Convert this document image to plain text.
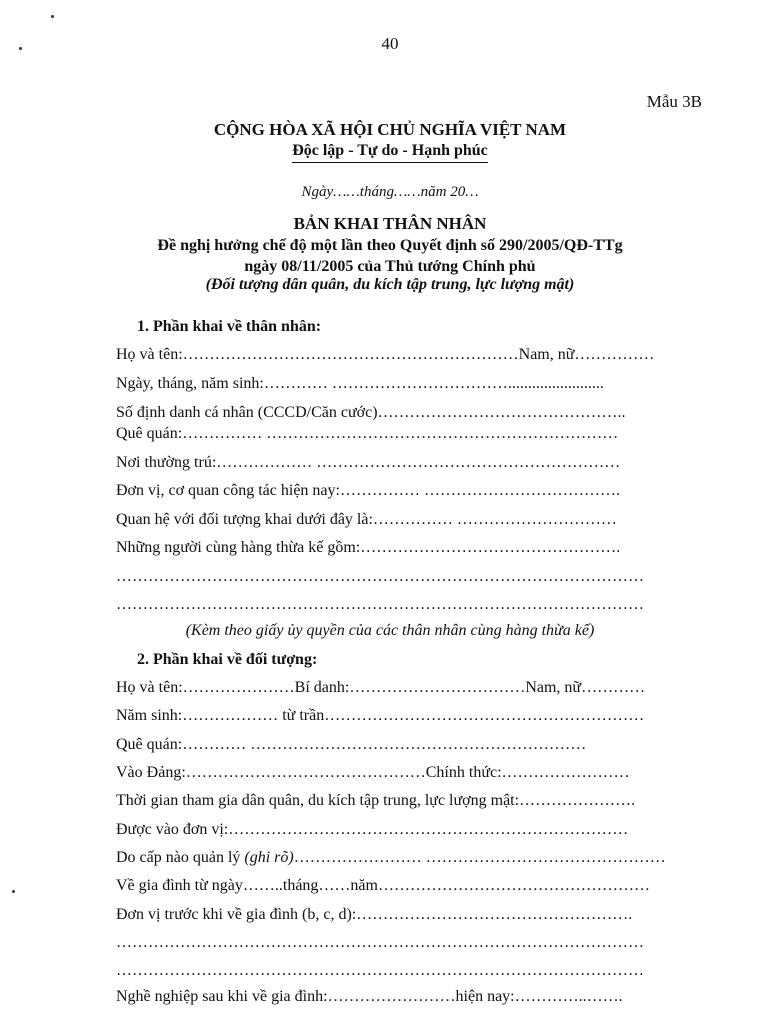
40
Mẫu 3B
CỘNG HÒA XÃ HỘI CHỦ NGHĨA VIỆT NAM
Độc lập - Tự do - Hạnh phúc
Ngày……tháng……năm 20…
BẢN KHAI THÂN NHÂN
Đề nghị hưởng chế độ một lần theo Quyết định số 290/2005/QĐ-TTg
ngày 08/11/2005 của Thủ tướng Chính phủ
(Đối tượng dân quân, du kích tập trung, lực lượng mật)
1. Phần khai về thân nhân:
Họ và tên:………………………………………………………Nam, nữ……………
Ngày, tháng, năm sinh:………… ……………………………........................
Số định danh cá nhân (CCCD/Căn cước)………………………………………..
Quê quán:…………… …………………………………………………………
Nơi thường trú:……………… …………………………………………………
Đơn vị, cơ quan công tác hiện nay:…………… ……………………………….
Quan hệ với đối tượng khai dưới đây là:…………… …………………………
Những người cùng hàng thừa kế gồm:………………………………………….
………………………………………………………………………………………
………………………………………………………………………………………
(Kèm theo giấy ủy quyền của các thân nhân cùng hàng thừa kế)
2. Phần khai về đối tượng:
Họ và tên:…………………Bí danh:……………………………Nam, nữ…………
Năm sinh:……………… từ trần……………………………………………………
Quê quán:………… ………………………………………………………
Vào Đảng:………………………………………Chính thức:……………………
Thời gian tham gia dân quân, du kích tập trung, lực lượng mật:………………….
Được vào đơn vị:…………………………………………………………………
Do cấp nào quản lý (ghi rõ)…………………… ………………………………………
Về gia đình từ ngày……..tháng……năm……………………………………………
Đơn vị trước khi về gia đình (b, c, d):…………………………………………….
………………………………………………………………………………………
………………………………………………………………………………………
Nghề nghiệp sau khi về gia đình:……………………hiện nay:…………..…….
